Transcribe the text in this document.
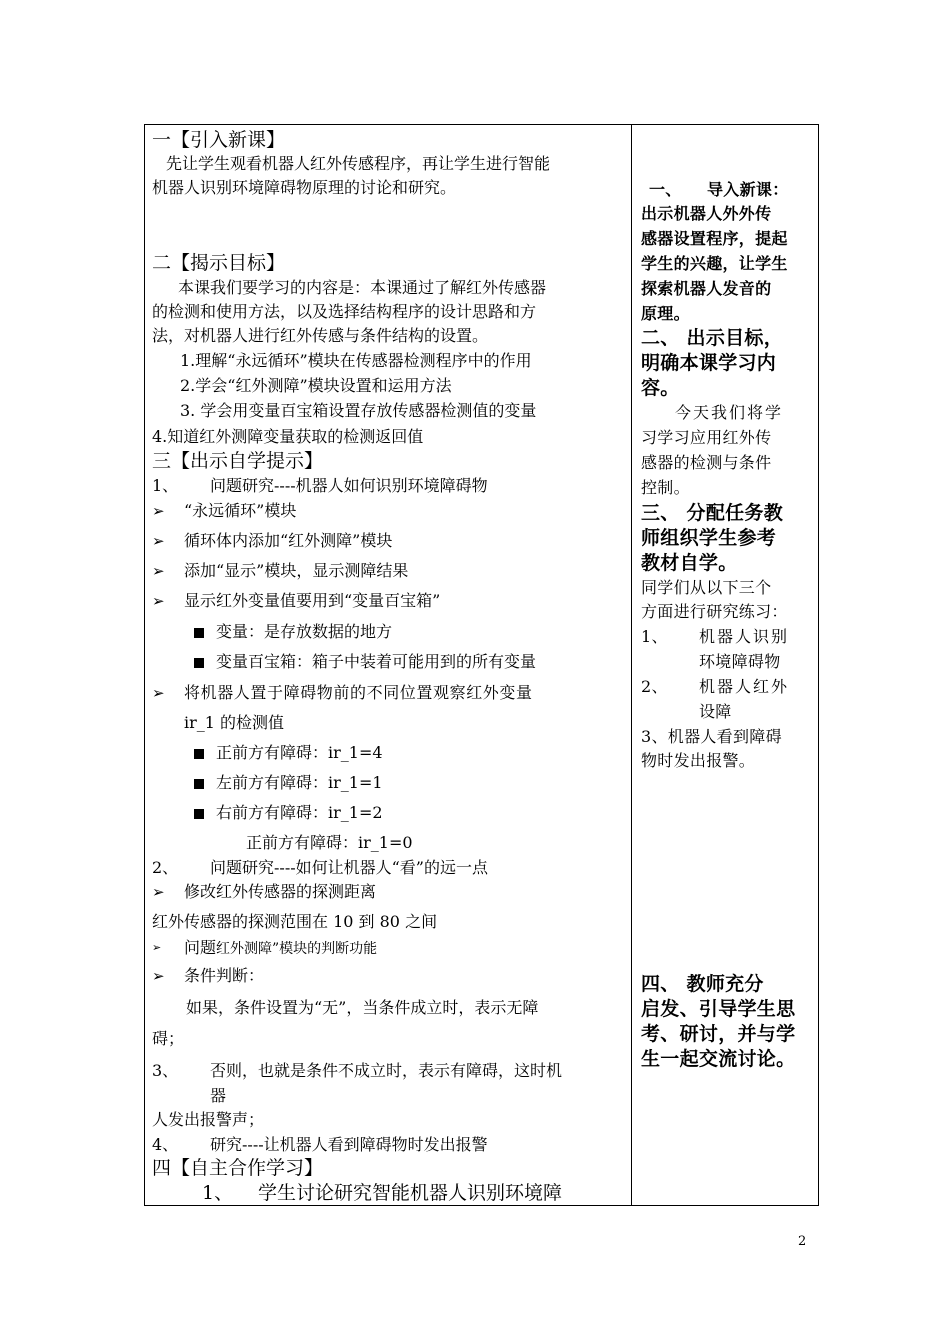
一【引入新课】
先让学生观看机器人红外传感程序，再让学生进行智能
机器人识别环境障碍物原理的讨论和研究。
二【揭示目标】
本课我们要学习的内容是：本课通过了解红外传感器
的检测和使用方法，以及选择结构程序的设计思路和方
法，对机器人进行红外传感与条件结构的设置。
1.理解“永远循环”模块在传感器检测程序中的作用
2.学会“红外测障”模块设置和运用方法
3. 学会用变量百宝箱设置存放传感器检测值的变量
4.知道红外测障变量获取的检测返回值
三【出示自学提示】
1、 问题研究----机器人如何识别环境障碍物
➢ “永远循环”模块
➢ 循环体内添加“红外测障”模块
➢ 添加“显示”模块，显示测障结果
➢ 显示红外变量值要用到“变量百宝箱”
变量：是存放数据的地方
变量百宝箱：箱子中装着可能用到的所有变量
➢ 将机器人置于障碍物前的不同位置观察红外变量
ir_1 的检测值
正前方有障碍：ir_1=4
左前方有障碍：ir_1=1
右前方有障碍：ir_1=2
正前方有障碍：ir_1=0
2、 问题研究----如何让机器人“看”的远一点
➢ 修改红外传感器的探测距离
红外传感器的探测范围在 10 到 80 之间
➢ 问题红外测障”模块的判断功能
➢ 条件判断：
如果，条件设置为“无”，当条件成立时，表示无障
碍；
3、 否则，也就是条件不成立时，表示有障碍，这时机
器
人发出报警声；
4、 研究----让机器人看到障碍物时发出报警
四【自主合作学习】
1、 学生讨论研究智能机器人识别环境障
一、 导入新课：
出示机器人外外传
感器设置程序，提起
学生的兴趣，让学生
探索机器人发音的
原理。
二、 出示目标，
明确本课学习内
容。
今天我们将学
习学习应用红外传
感器的检测与条件
控制。
三、 分配任务教
师组织学生参考
教材自学。
同学们从以下三个
方面进行研究练习：
1、 机器人识别
环境障碍物
2、 机器人红外
设障
3、机器人看到障碍
物时发出报警。
四、 教师充分
启发、引导学生思
考、研讨，并与学
生一起交流讨论。
2
